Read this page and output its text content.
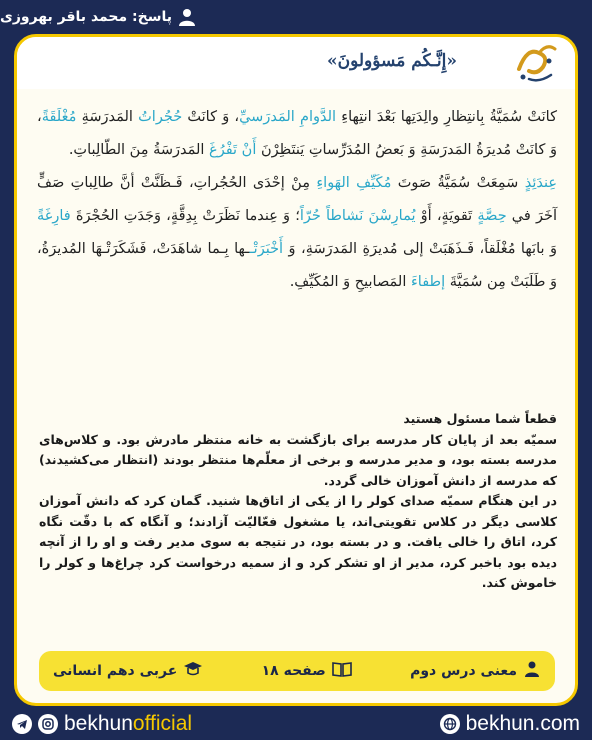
پاسخ: محمد باقر بهروزی
«إِنَّـکُم مَسؤولونَ»

کانَتْ سُمَيَّةُ بِانتِظارِ والِدَتِها بَعْدَ انتِهاءِ الدَّوامِ المَدرَسيِّ، وَ کانَتْ حُجُراتُ المَدرَسَةِ مُغْلَقَةً، وَ کانَتْ مُديرَةُ المَدرَسَةِ وَ بَعضُ المُدَرِّساتِ يَنتَظِرْنَ أَنْ تَفْرُغَ المَدرَسَةُ مِنَ الطّالِباتِ.

عِندَئِذٍ سَمِعَتْ سُمَيَّةُ صَوتَ مُکَيِّفِ الهَواءِ مِنْ إحْدَی الحُجُراتِ، فَـظَنَّتْ أنَّ طالِباتِ صَفٍّ آخَرَ في حِصَّةٍ تَقويَةٍ، أَوْ يُمارِسْنَ نَشاطاً حُرّاً؛ وَ عِندما نَظَرَتْ بِدِقَّةٍ، وَجَدَتِ الحُجْرَةَ فارِغَةً وَ بابَها مُغْلَقاً، فَـذَهَبَتْ إلی مُديرَةِ المَدرَسَةِ، وَ أَخْبَرَتْــها بِـما شاهَدَتْ، فَشَکَرَتْـهَا المُديرَةُ، وَ طَلَبَتْ مِن سُمَيَّةَ إطفاءَ المَصابيحِ وَ المُکَيِّفِ.

قطعاً شما مسئول هستید
سمیّه بعد از پایان کار مدرسه برای بازگشت به خانه منتظر مادرش بود. و کلاس‌های مدرسه بسته بود، و مدیر مدرسه و برخی از معلّم‌ها منتظر بودند (انتظار می‌کشیدند) که مدرسه از دانش آموزان خالی گردد.
در این هنگام سمیّه صدای کولر را از یکی از اتاق‌ها شنید. گمان کرد که دانش آموزان کلاسی دیگر در کلاس تقویتی‌اند، یا مشغول فعّالیّت آزادند؛ و آنگاه که با دقّت نگاه کرد، اتاق را خالی یافت. و در بسته بود، در نتیجه به سوی مدیر رفت و او را از آنچه دیده بود باخبر کرد، مدیر از او تشکر کرد و از سمیه درخواست کرد چراغ‌ها و کولر را خاموش کند.
معنی درس دوم
صفحه ۱۸
عربی دهم انسانی
bekhunofficial	bekhun.com
